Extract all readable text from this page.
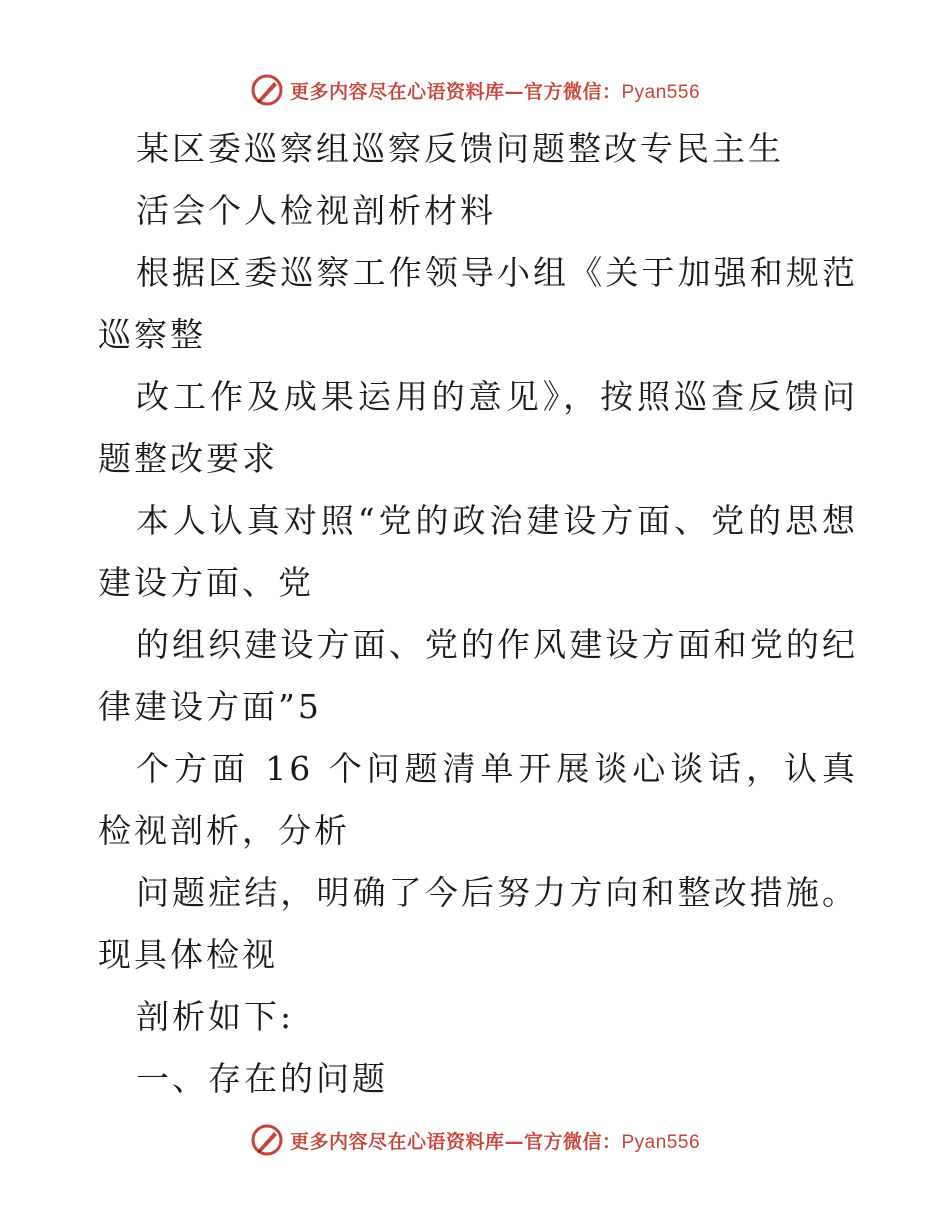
更多内容尽在心语资料库—官方微信：Pyan556

某区委巡察组巡察反馈问题整改专民主生

活会个人检视剖析材料

根据区委巡察工作领导小组《关于加强和规范巡察整

改工作及成果运用的意见》，按照巡查反馈问题整改要求

本人认真对照“党的政治建设方面、党的思想建设方面、党

的组织建设方面、党的作风建设方面和党的纪律建设方面”5

个方面 16 个问题清单开展谈心谈话，认真检视剖析，分析

问题症结，明确了今后努力方向和整改措施。现具体检视

剖析如下:

一、存在的问题

更多内容尽在心语资料库—官方微信：Pyan556
